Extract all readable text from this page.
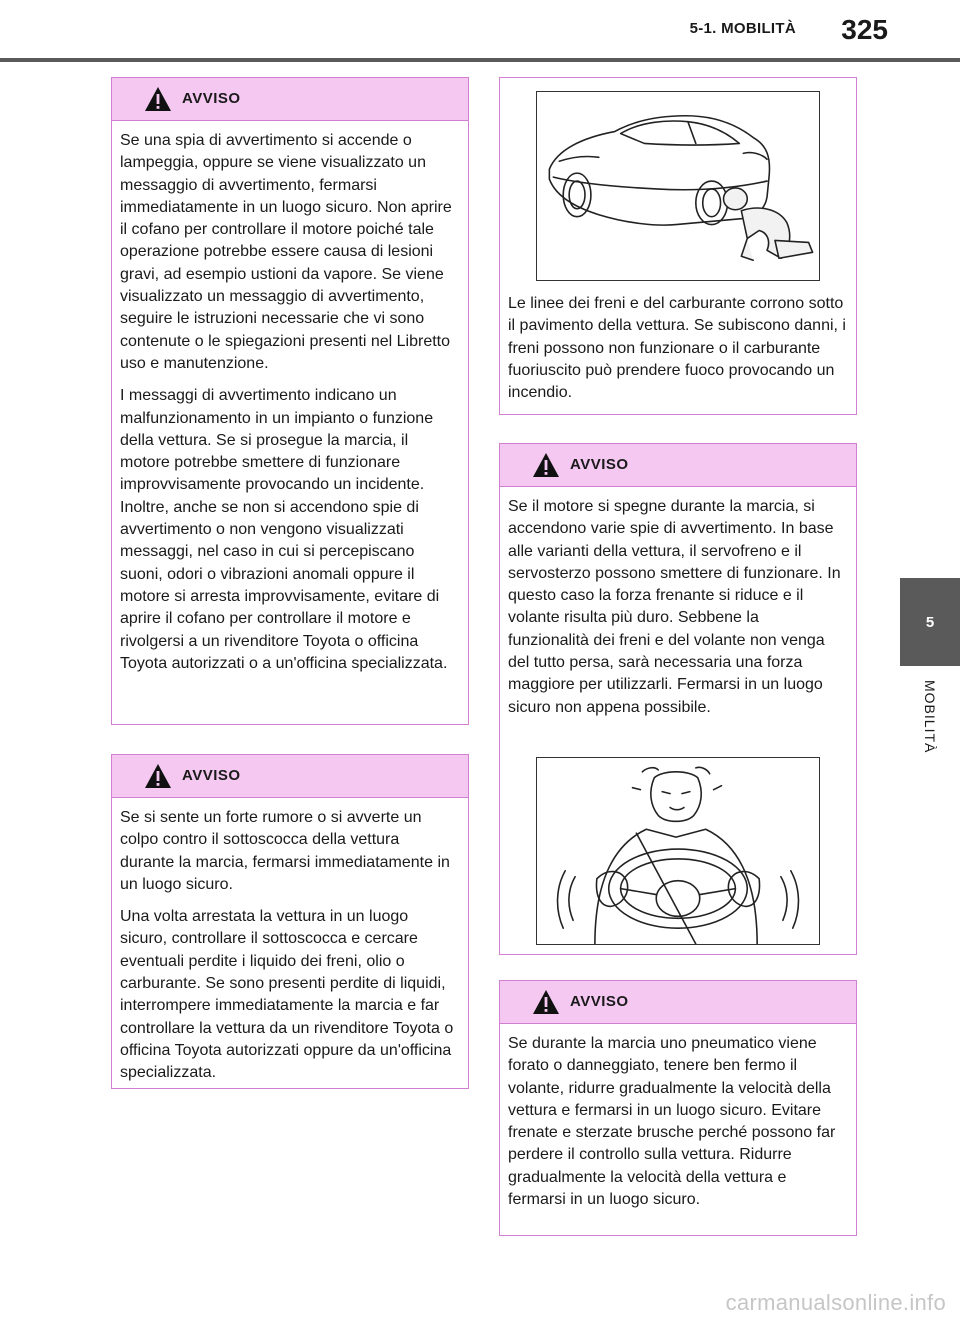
5-1. MOBILITÀ 325
5
MOBILITÀ
AVVISO

Se una spia di avvertimento si accende o lampeggia, oppure se viene visualizzato un messaggio di avvertimento, fermarsi immediatamente in un luogo sicuro. Non aprire il cofano per controllare il motore poiché tale operazione potrebbe essere causa di lesioni gravi, ad esempio ustioni da vapore. Se viene visualizzato un messaggio di avvertimento, seguire le istruzioni necessarie che vi sono contenute o le spiegazioni presenti nel Libretto uso e manutenzione.

I messaggi di avvertimento indicano un malfunzionamento in un impianto o funzione della vettura. Se si prosegue la marcia, il motore potrebbe smettere di funzionare improvvisamente provocando un incidente. Inoltre, anche se non si accendono spie di avvertimento o non vengono visualizzati messaggi, nel caso in cui si percepiscano suoni, odori o vibrazioni anomali oppure il motore si arresta improvvisamente, evitare di aprire il cofano per controllare il motore e rivolgersi a un rivenditore Toyota o officina Toyota autorizzati o a un'officina specializzata.

AVVISO

Se si sente un forte rumore o si avverte un colpo contro il sottoscocca della vettura durante la marcia, fermarsi immediatamente in un luogo sicuro.

Una volta arrestata la vettura in un luogo sicuro, controllare il sottoscocca e cercare eventuali perdite i liquido dei freni, olio o carburante. Se sono presenti perdite di liquidi, interrompere immediatamente la marcia e far controllare la vettura da un rivenditore Toyota o officina Toyota autorizzati oppure da un'officina specializzata.

Le linee dei freni e del carburante corrono sotto il pavimento della vettura. Se subiscono danni, i freni possono non funzionare o il carburante fuoriuscito può prendere fuoco provocando un incendio.

AVVISO

Se il motore si spegne durante la marcia, si accendono varie spie di avvertimento. In base alle varianti della vettura, il servofreno e il servosterzo possono smettere di funzionare. In questo caso la forza frenante si riduce e il volante risulta più duro. Sebbene la funzionalità dei freni e del volante non venga del tutto persa, sarà necessaria una forza maggiore per utilizzarli. Fermarsi in un luogo sicuro non appena possibile.

AVVISO

Se durante la marcia uno pneumatico viene forato o danneggiato, tenere ben fermo il volante, ridurre gradualmente la velocità della vettura e fermarsi in un luogo sicuro. Evitare frenate e sterzate brusche perché possono far perdere il controllo sulla vettura. Ridurre gradualmente la velocità della vettura e fermarsi in un luogo sicuro.

carmanualsonline.info
